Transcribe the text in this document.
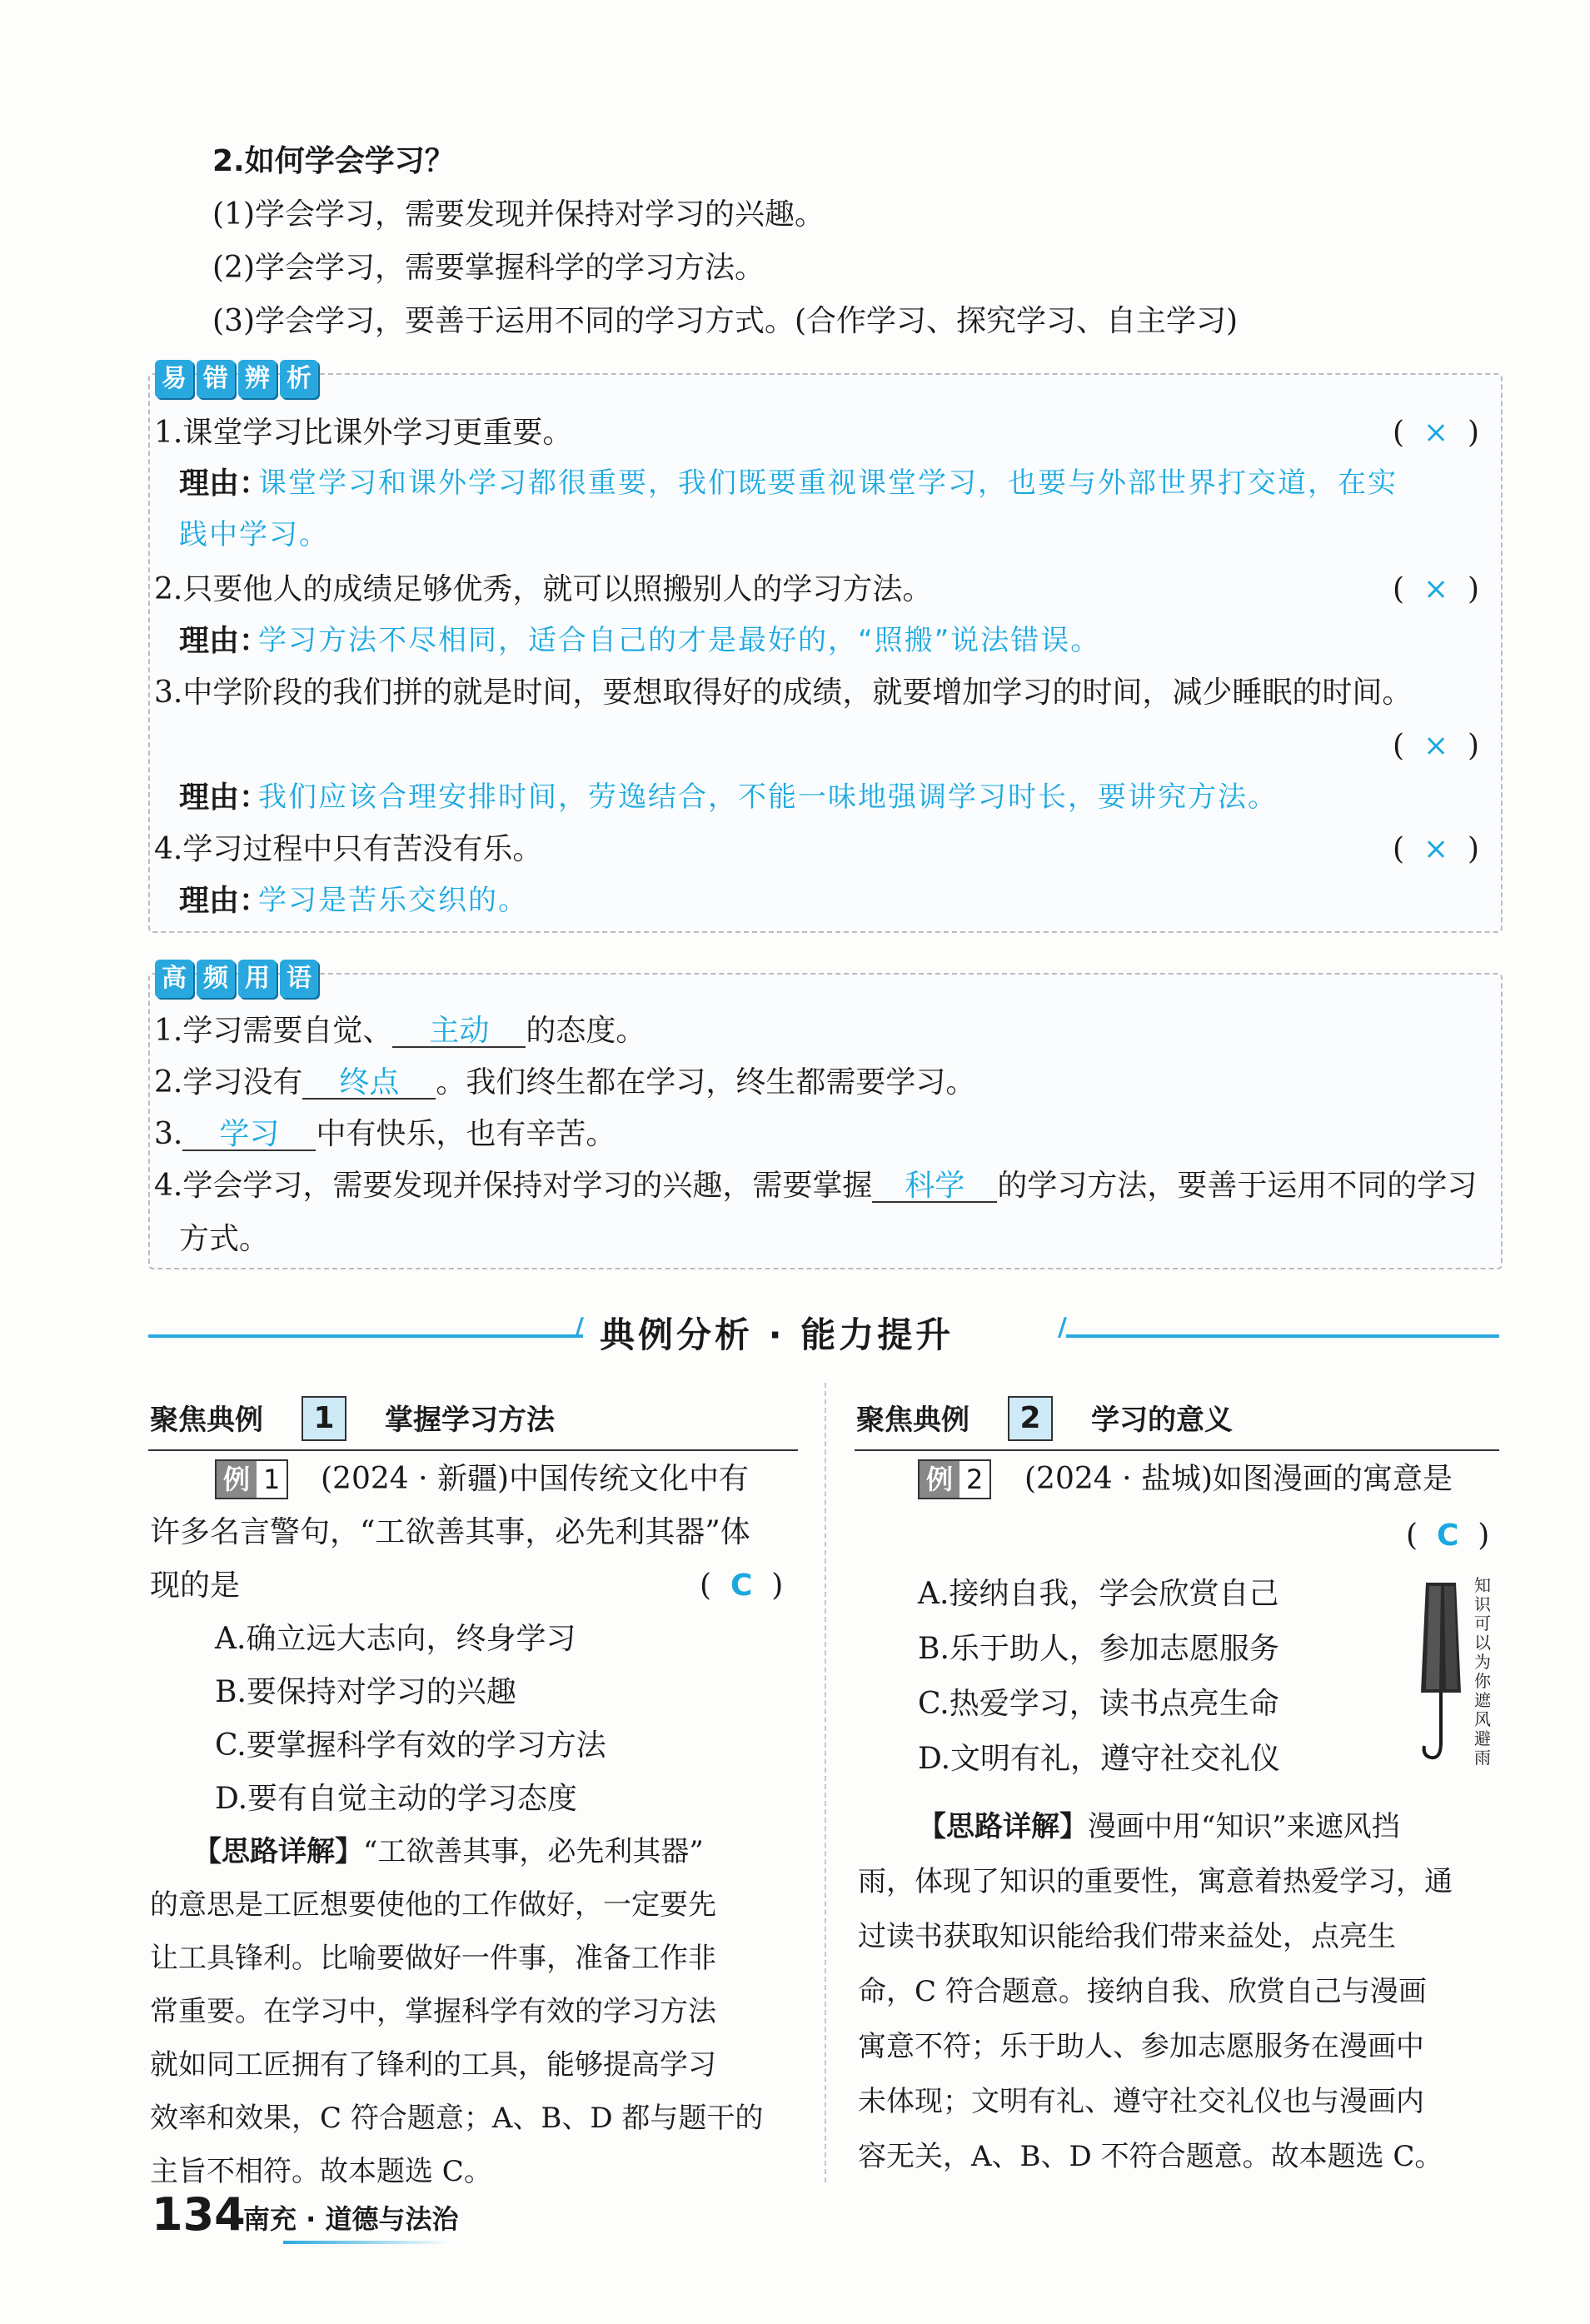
2.如何学会学习？
(1)学会学习，需要发现并保持对学习的兴趣。
(2)学会学习，需要掌握科学的学习方法。
(3)学会学习，要善于运用不同的学习方式。(合作学习、探究学习、自主学习)
易 错 辨 析
1.课堂学习比课外学习更重要。	(  ×  )
理由：
课堂学习和课外学习都很重要，我们既要重视课堂学习，也要与外部世界打交道，在实
践中学习。
2.只要他人的成绩足够优秀，就可以照搬别人的学习方法。	(  ×  )
理由：
学习方法不尽相同，适合自己的才是最好的，“照搬”说法错误。
3.中学阶段的我们拼的就是时间，要想取得好的成绩，就要增加学习的时间，减少睡眠的时间。
(  ×  )
理由：
我们应该合理安排时间，劳逸结合，不能一味地强调学习时长，要讲究方法。
4.学习过程中只有苦没有乐。	(  ×  )
理由：
学习是苦乐交织的。
高 频 用 语
1.学习需要自觉、 主动 的态度。
2.学习没有 终点 。我们终生都在学习，终生都需要学习。
3. 学习 中有快乐，也有辛苦。
4.学会学习，需要发现并保持对学习的兴趣，需要掌握 科学 的学习方法，要善于运用不同的学习
方式。
/	/
典例分析 · 能力提升
聚焦典例	1	掌握学习方法
例 1 (2024 · 新疆)中国传统文化中有
许多名言警句，“工欲善其事，必先利其器”体
现的是	(  C  )
A.确立远大志向，终身学习
B.要保持对学习的兴趣
C.要掌握科学有效的学习方法
D.要有自觉主动的学习态度
【思路详解】“工欲善其事，必先利其器”
的意思是工匠想要使他的工作做好，一定要先
让工具锋利。比喻要做好一件事，准备工作非
常重要。在学习中，掌握科学有效的学习方法
就如同工匠拥有了锋利的工具，能够提高学习
效率和效果，C 符合题意；A、B、D 都与题干的
主旨不相符。故本题选 C。
聚焦典例	2	学习的意义
例 2 (2024 · 盐城)如图漫画的寓意是
(  C  )
A.接纳自我，学会欣赏自己
B.乐于助人，参加志愿服务
C.热爱学习，读书点亮生命
D.文明有礼，遵守社交礼仪
知识可以为你遮风避雨
【思路详解】漫画中用“知识”来遮风挡
雨，体现了知识的重要性，寓意着热爱学习，通
过读书获取知识能给我们带来益处，点亮生
命，C 符合题意。接纳自我、欣赏自己与漫画
寓意不符；乐于助人、参加志愿服务在漫画中
未体现；文明有礼、遵守社交礼仪也与漫画内
容无关，A、B、D 不符合题意。故本题选 C。
134
南充 · 道德与法治
